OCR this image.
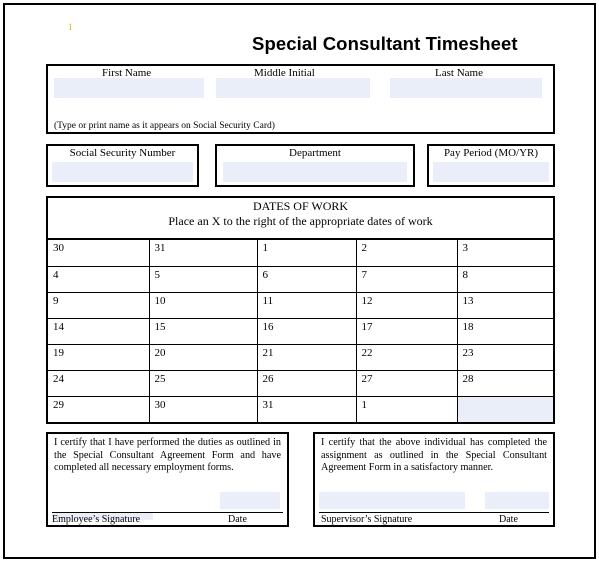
1
Special Consultant Timesheet
First Name	Middle Initial	Last Name
(Type or print name as it appears on Social Security Card)
Social Security Number	Department	Pay Period (MO/YR)
DATES OF WORK
Place an X to the right of the appropriate dates of work
30	31	1	2	3
4	5	6	7	8
9	10	11	12	13
14	15	16	17	18
19	20	21	22	23
24	25	26	27	28
29	30	31	1	
I certify that I have performed the duties as outlined in the Special Consultant Agreement Form and have completed all necessary employment forms.
Employee’s Signature	Date
I certify that the above individual has completed the assignment as outlined in the Special Consultant Agreement Form in a satisfactory manner.
Supervisor’s Signature	Date
